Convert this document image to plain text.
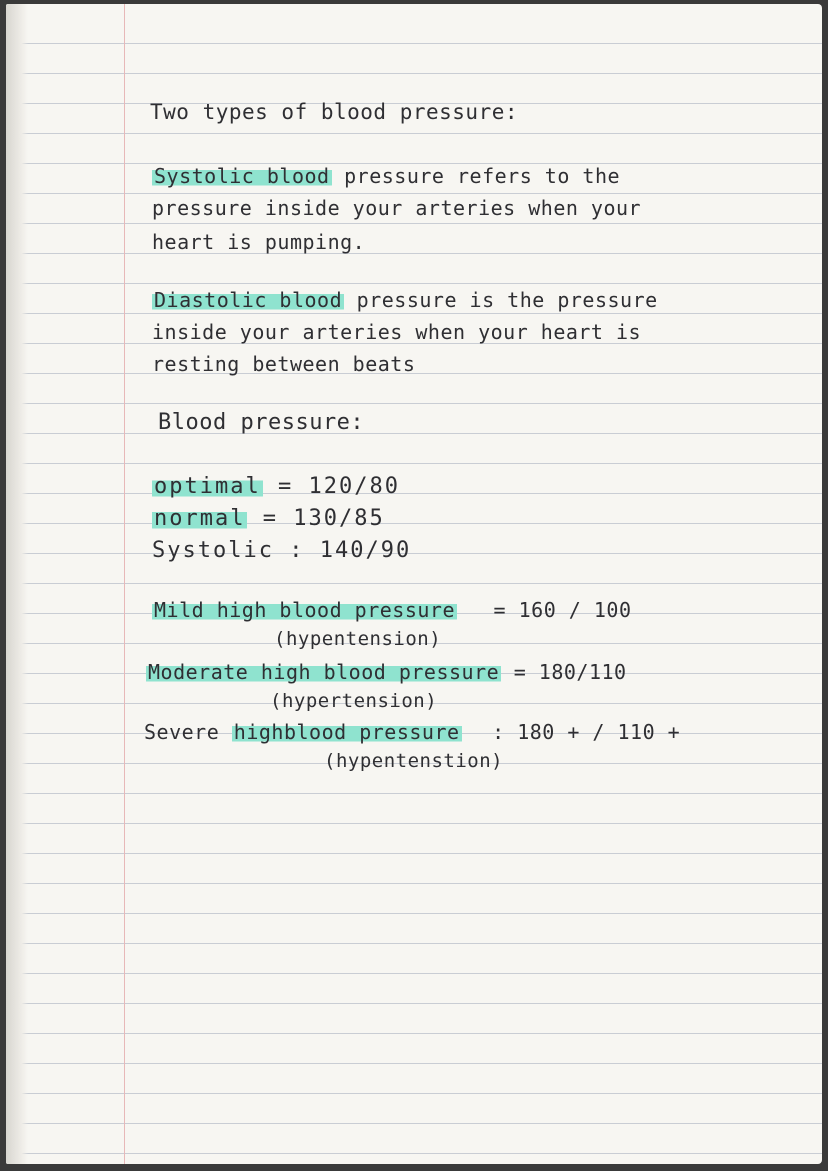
Two types of blood pressure:
Systolic blood pressure refers to the
pressure inside your arteries when your
heart is pumping.
Diastolic blood pressure is the pressure
inside your arteries when your heart is
resting between beats
Blood pressure:
optimal = 120/80
normal = 130/85
Systolic : 140/90
Mild high blood pressure = 160 / 100
(hypentension)
Moderate high blood pressure = 180/110
(hypertension)
Severe highblood pressure : 180 + / 110 +
(hypentenstion)
